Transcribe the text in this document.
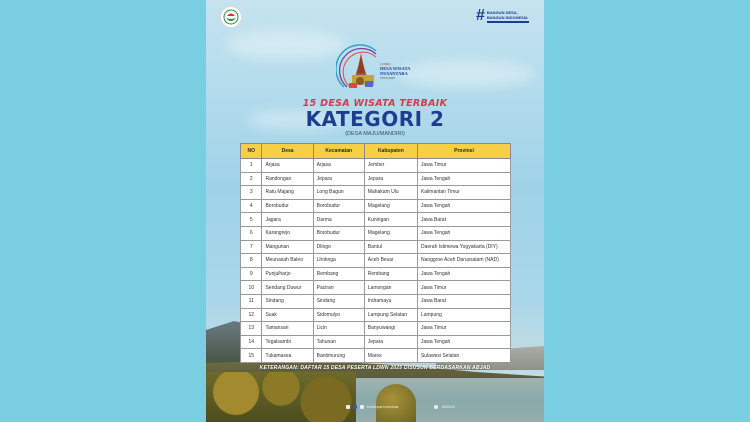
# BANGUN DESA,
BANGUN INDONESIA
LOMBA
DESA WISATA
NUSANTARA
TAHUN 2025
15 DESA WISATA TERBAIK
KATEGORI 2
(DESA MAJU/MANDIRI)
NO	Desa	Kecamatan	Kabupaten	Provinsi
1	Arjasa	Arjasa	Jember	Jawa Timur
2	Randongan	Jepara	Jepara	Jawa Tengah
3	Ratu Majang	Long Bagun	Mahakam Ulu	Kalimantan Timur
4	Borobudur	Borobudur	Magelang	Jawa Tengah
5	Jagara	Darma	Kuningan	Jawa Barat
6	Karangrejo	Borobudur	Magelang	Jawa Tengah
7	Mangunan	Dlingo	Bantul	Daerah Istimewa Yogyakarta (DIY)
8	Meunasah Baleo	Lhoknga	Aceh Besar	Nanggroe Aceh Darussalam (NAD)
9	Punjulharjo	Rembang	Rembang	Jawa Tengah
10	Sendang Duwur	Paciran	Lamongan	Jawa Timur
11	Sindang	Sindang	Indramayu	Jawa Barat
12	Suak	Sidomulyo	Lampung Selatan	Lampung
13	Tamansari	Licin	Banyuwangi	Jawa Timur
14	Tegalsambi	Tahunan	Jepara	Jawa Tengah
15	Tukamasea	Bantimurung	Maros	Sulawesi Selatan
KETERANGAN: DAFTAR 15 DESA PESERTA LDWN 2025 DISUSUN BERDASARKAN ABJAD
kemenpar.indonesia	1500640
